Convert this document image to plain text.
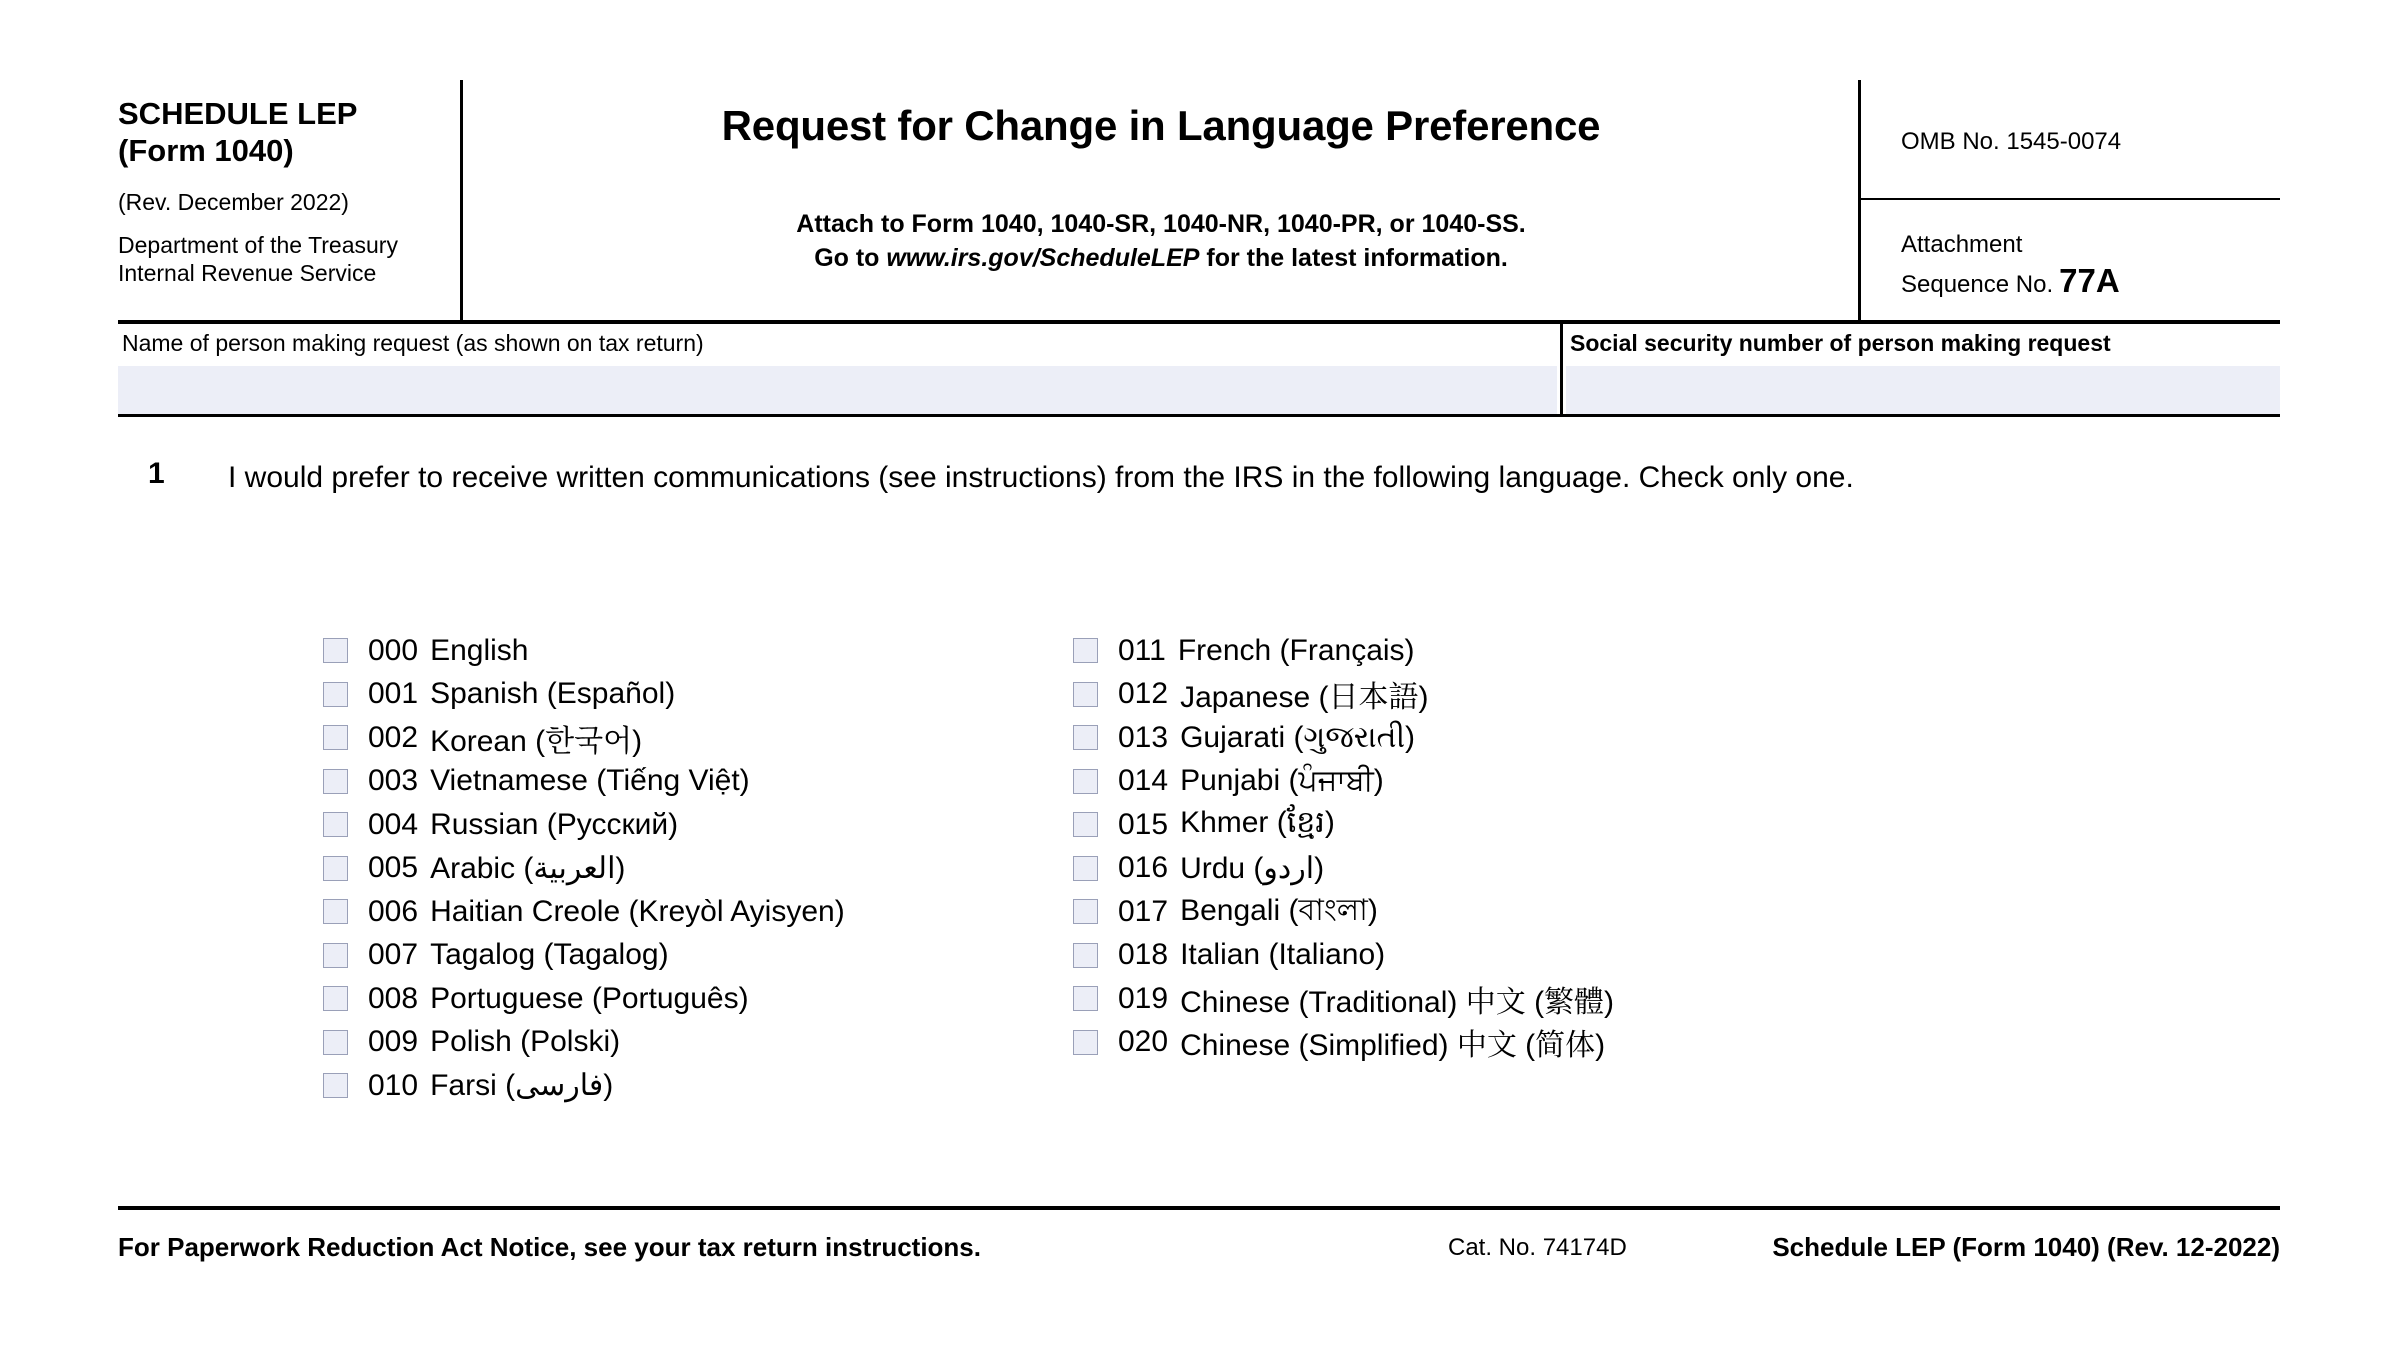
SCHEDULE LEP
(Form 1040)
(Rev. December 2022)
Department of the Treasury
Internal Revenue Service
Request for Change in Language Preference
Attach to Form 1040, 1040-SR, 1040-NR, 1040-PR, or 1040-SS.
Go to www.irs.gov/ScheduleLEP for the latest information.
OMB No. 1545-0074
Attachment
Sequence No. 77A
Name of person making request (as shown on tax return)	Social security number of person making request
1 I would prefer to receive written communications (see instructions) from the IRS in the following language. Check only one.
000 English
001 Spanish (Español)
002 Korean (한국어)
003 Vietnamese (Tiếng Việt)
004 Russian (Русский)
005 Arabic (العربية)
006 Haitian Creole (Kreyòl Ayisyen)
007 Tagalog (Tagalog)
008 Portuguese (Português)
009 Polish (Polski)
010 Farsi (فارسی)
011 French (Français)
012 Japanese (日本語)
013 Gujarati (ગુજરાતી)
014 Punjabi (ਪੰਜਾਬੀ)
015 Khmer (ខ្មែរ)
016 Urdu (اردو)
017 Bengali (বাংলা)
018 Italian (Italiano)
019 Chinese (Traditional) 中文 (繁體)
020 Chinese (Simplified) 中文 (简体)
For Paperwork Reduction Act Notice, see your tax return instructions.	Cat. No. 74174D	Schedule LEP (Form 1040) (Rev. 12-2022)
